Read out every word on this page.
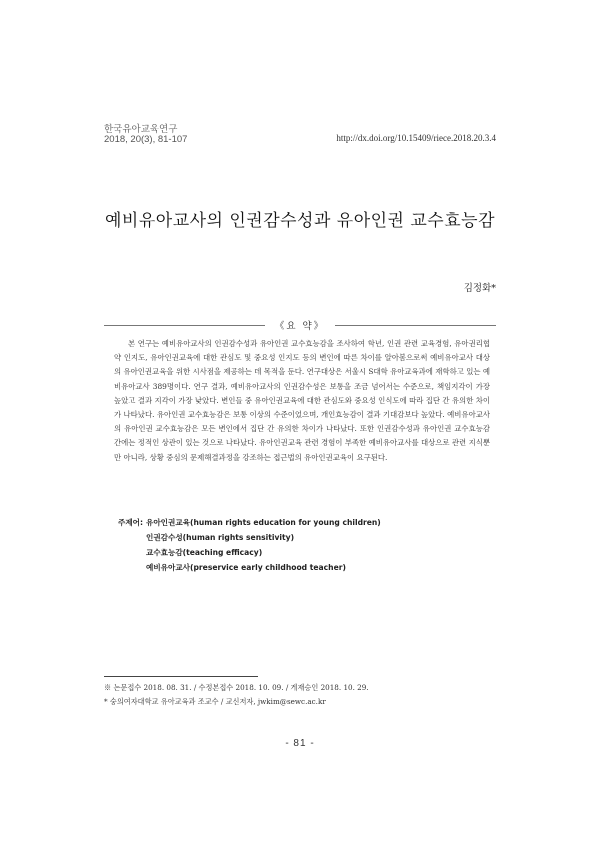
한국유아교육연구
2018, 20(3), 81-107	http://dx.doi.org/10.15409/riece.2018.20.3.4
예비유아교사의 인권감수성과 유아인권 교수효능감
김정화*
《요 약》

본 연구는 예비유아교사의 인권감수성과 유아인권 교수효능감을 조사하여 학년, 인권 관련 교육경험, 유아권리협약 인지도, 유아인권교육에 대한 관심도 및 중요성 인지도 등의 변인에 따른 차이를 알아봄으로써 예비유아교사 대상의 유아인권교육을 위한 시사점을 제공하는 데 목적을 둔다. 연구대상은 서울시 S대학 유아교육과에 재학하고 있는 예비유아교사 389명이다. 연구 결과, 예비유아교사의 인권감수성은 보통을 조금 넘어서는 수준으로, 책임지각이 가장 높았고 결과 지각이 가장 낮았다. 변인들 중 유아인권교육에 대한 관심도와 중요성 인식도에 따라 집단 간 유의한 차이가 나타났다. 유아인권 교수효능감은 보통 이상의 수준이었으며, 개인효능감이 결과 기대감보다 높았다. 예비유아교사의 유아인권 교수효능감은 모든 변인에서 집단 간 유의한 차이가 나타났다. 또한 인권감수성과 유아인권 교수효능감 간에는 정적인 상관이 있는 것으로 나타났다. 유아인권교육 관련 경험이 부족한 예비유아교사를 대상으로 관련 지식뿐만 아니라, 상황 중심의 문제해결과정을 강조하는 접근법의 유아인권교육이 요구된다.

주제어: 유아인권교육(human rights education for young children)
인권감수성(human rights sensitivity)
교수효능감(teaching efficacy)
예비유아교사(preservice early childhood teacher)
※ 논문접수 2018. 08. 31. / 수정본접수 2018. 10. 09. / 게재승인 2018. 10. 29.
* 숭의여자대학교 유아교육과 조교수 / 교신저자, jwkim@sewc.ac.kr
- 81 -
